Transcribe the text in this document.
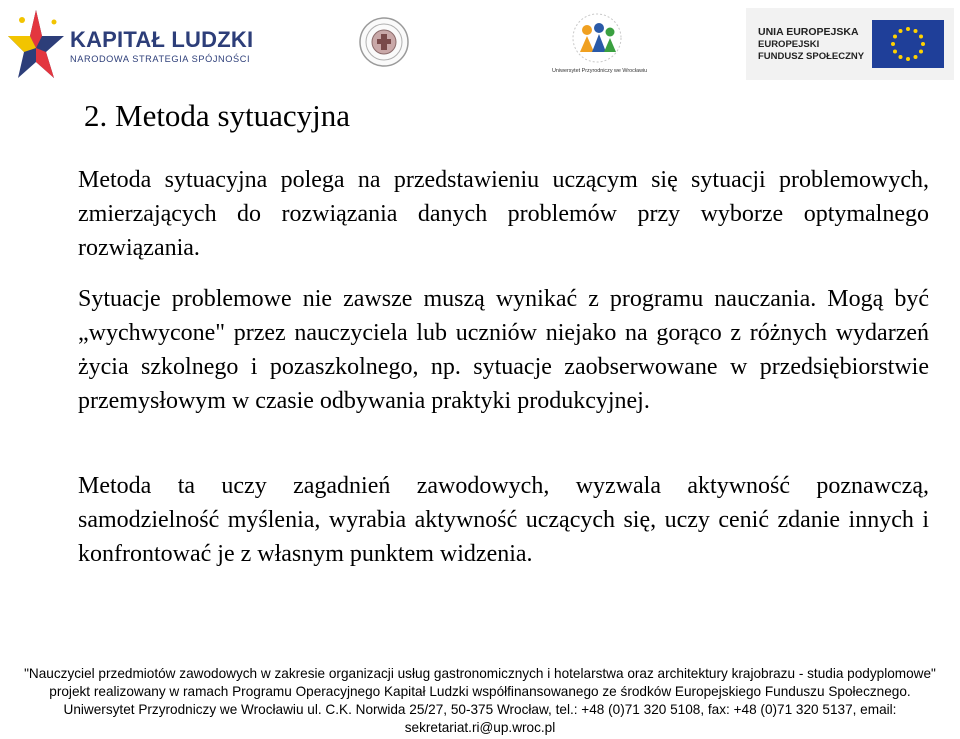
KAPITAŁ LUDZKI
NARODOWA STRATEGIA SPÓJNOŚCI
Uniwersytet Przyrodniczy we Wrocławiu
UNIA EUROPEJSKA
EUROPEJSKI
FUNDUSZ SPOŁECZNY
2. Metoda sytuacyjna

Metoda sytuacyjna polega na przedstawieniu uczącym się sytuacji problemowych, zmierzających do rozwiązania danych problemów przy wyborze optymalnego rozwiązania.

Sytuacje problemowe nie zawsze muszą wynikać z programu nauczania. Mogą być „wychwycone" przez nauczyciela lub uczniów niejako na gorąco z różnych wydarzeń życia szkolnego i pozaszkolnego, np. sytuacje zaobserwowane w przedsiębiorstwie przemysłowym w czasie odbywania praktyki produkcyjnej.

Metoda ta uczy zagadnień zawodowych, wyzwala aktywność poznawczą, samodzielność myślenia, wyrabia aktywność uczących się, uczy cenić zdanie innych i konfrontować je z własnym punktem widzenia.

"Nauczyciel przedmiotów zawodowych w zakresie organizacji usług gastronomicznych i hotelarstwa oraz architektury krajobrazu - studia podyplomowe"
projekt realizowany w ramach Programu Operacyjnego Kapitał Ludzki współfinansowanego ze środków Europejskiego Funduszu Społecznego.
Uniwersytet Przyrodniczy we Wrocławiu ul. C.K. Norwida 25/27, 50-375 Wrocław, tel.: +48 (0)71 320 5108, fax: +48 (0)71 320 5137, email:
sekretariat.ri@up.wroc.pl
